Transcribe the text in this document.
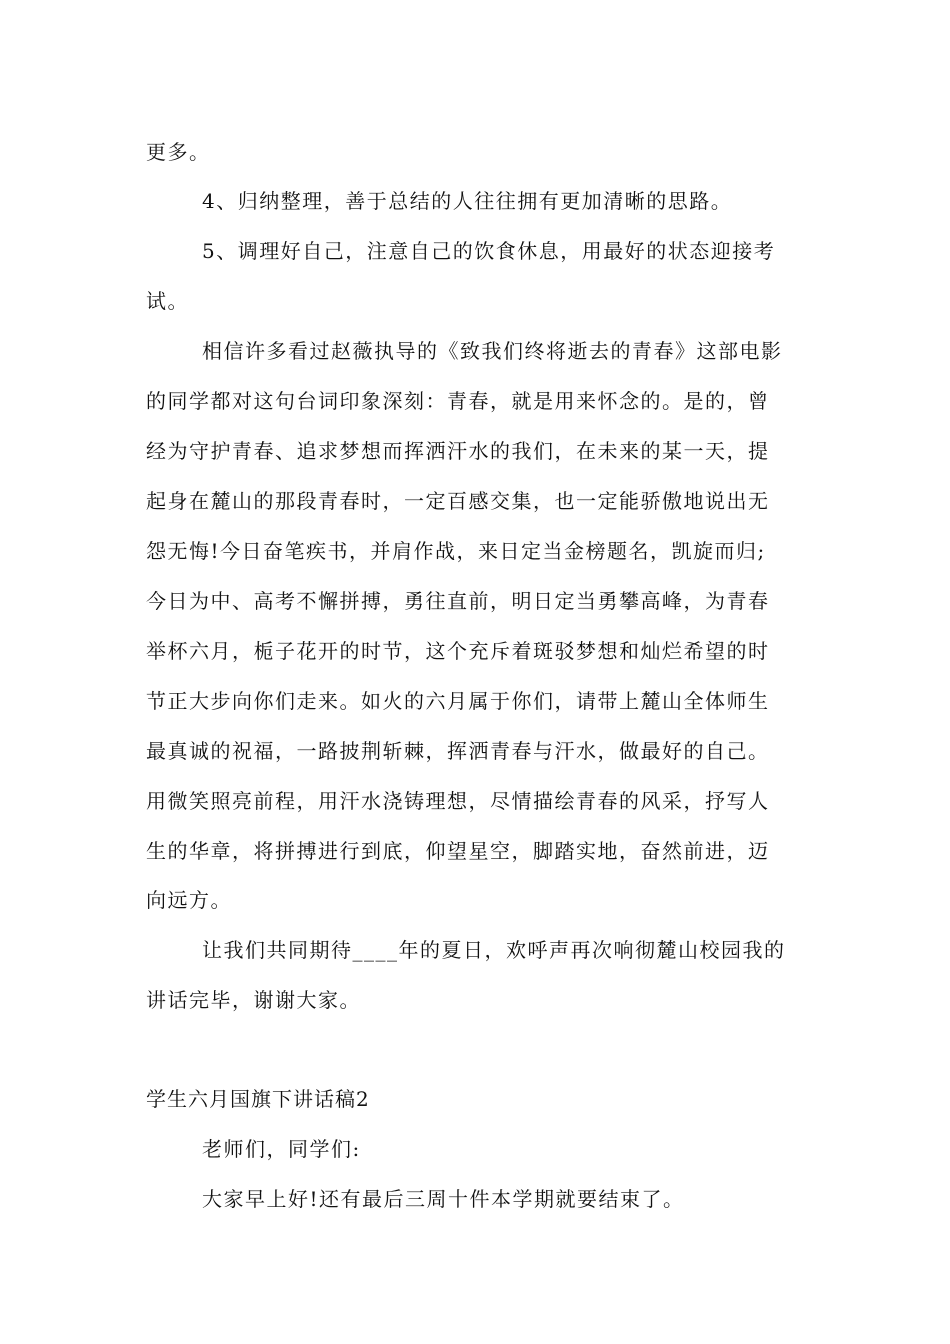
更多。

4、归纳整理，善于总结的人往往拥有更加清晰的思路。

5、调理好自己，注意自己的饮食休息，用最好的状态迎接考

试。

相信许多看过赵薇执导的《致我们终将逝去的青春》这部电影

的同学都对这句台词印象深刻：青春，就是用来怀念的。是的，曾

经为守护青春、追求梦想而挥洒汗水的我们，在未来的某一天，提

起身在麓山的那段青春时，一定百感交集，也一定能骄傲地说出无

怨无悔!今日奋笔疾书，并肩作战，来日定当金榜题名，凯旋而归;

今日为中、高考不懈拼搏，勇往直前，明日定当勇攀高峰，为青春

举杯六月，栀子花开的时节，这个充斥着斑驳梦想和灿烂希望的时

节正大步向你们走来。如火的六月属于你们，请带上麓山全体师生

最真诚的祝福，一路披荆斩棘，挥洒青春与汗水，做最好的自己。

用微笑照亮前程，用汗水浇铸理想，尽情描绘青春的风采，抒写人

生的华章，将拼搏进行到底，仰望星空，脚踏实地，奋然前进，迈

向远方。

让我们共同期待____年的夏日，欢呼声再次响彻麓山校园我的

讲话完毕，谢谢大家。

学生六月国旗下讲话稿2

老师们，同学们:

大家早上好!还有最后三周十件本学期就要结束了。
